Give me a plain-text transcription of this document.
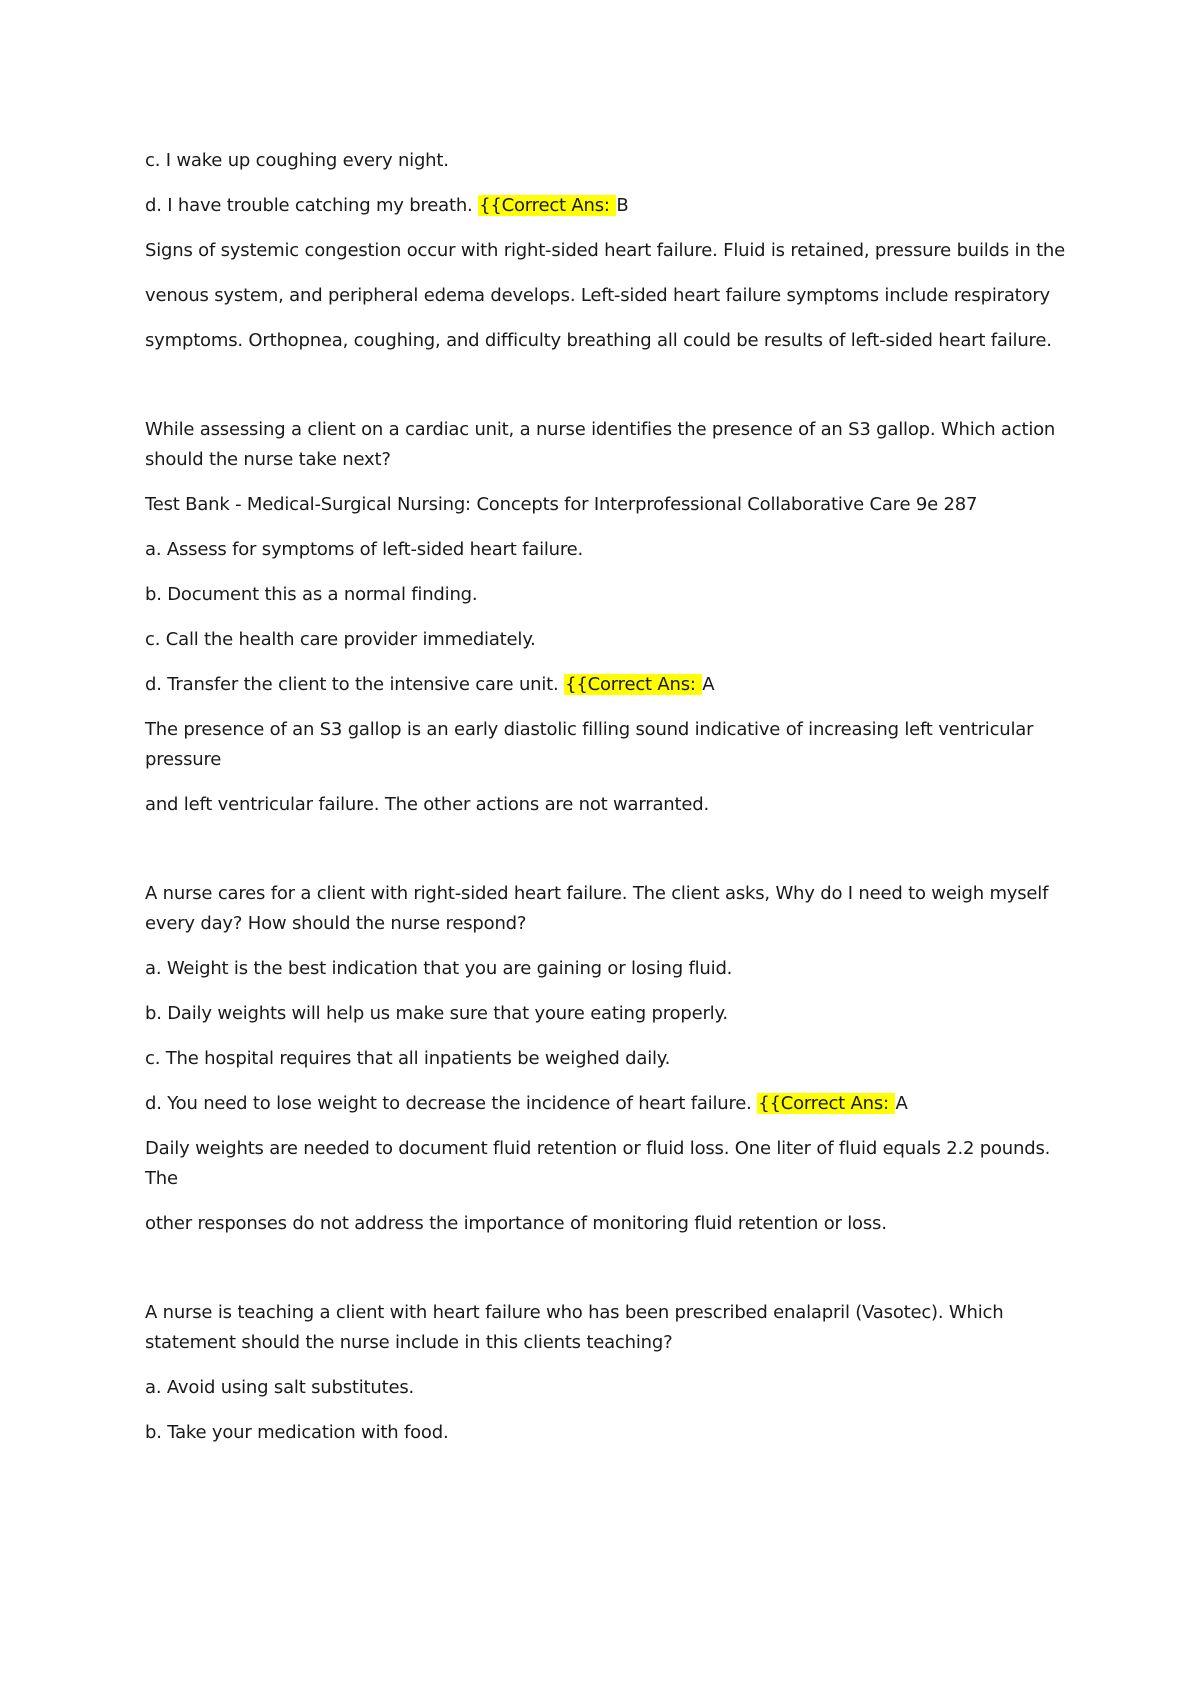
c. I wake up coughing every night.
d. I have trouble catching my breath. {{Correct Ans: B
Signs of systemic congestion occur with right-sided heart failure. Fluid is retained, pressure builds in the
venous system, and peripheral edema develops. Left-sided heart failure symptoms include respiratory
symptoms. Orthopnea, coughing, and difficulty breathing all could be results of left-sided heart failure.
While assessing a client on a cardiac unit, a nurse identifies the presence of an S3 gallop. Which action should the nurse take next?
Test Bank - Medical-Surgical Nursing: Concepts for Interprofessional Collaborative Care 9e 287
a. Assess for symptoms of left-sided heart failure.
b. Document this as a normal finding.
c. Call the health care provider immediately.
d. Transfer the client to the intensive care unit. {{Correct Ans: A
The presence of an S3 gallop is an early diastolic filling sound indicative of increasing left ventricular pressure
and left ventricular failure. The other actions are not warranted.
A nurse cares for a client with right-sided heart failure. The client asks, Why do I need to weigh myself every day? How should the nurse respond?
a. Weight is the best indication that you are gaining or losing fluid.
b. Daily weights will help us make sure that youre eating properly.
c. The hospital requires that all inpatients be weighed daily.
d. You need to lose weight to decrease the incidence of heart failure. {{Correct Ans: A
Daily weights are needed to document fluid retention or fluid loss. One liter of fluid equals 2.2 pounds. The
other responses do not address the importance of monitoring fluid retention or loss.
A nurse is teaching a client with heart failure who has been prescribed enalapril (Vasotec). Which statement should the nurse include in this clients teaching?
a. Avoid using salt substitutes.
b. Take your medication with food.
